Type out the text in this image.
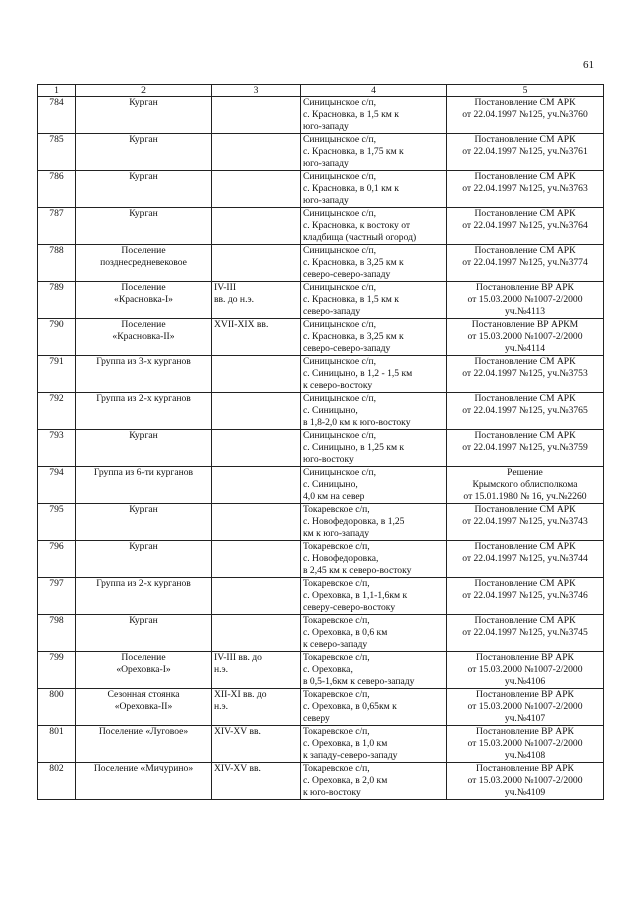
61
1	2	3	4	5
784	Курган		Синицынское с/п,
с. Красновка, в 1,5 км к
юго-западу	Постановление СМ АРК
от 22.04.1997 №125, уч.№3760
785	Курган		Синицынское с/п,
с. Красновка, в 1,75 км к
юго-западу	Постановление СМ АРК
от 22.04.1997 №125, уч.№3761
786	Курган		Синицынское с/п,
с. Красновка, в 0,1 км к
юго-западу	Постановление СМ АРК
от 22.04.1997 №125, уч.№3763
787	Курган		Синицынское с/п,
с. Красновка, к востоку от
кладбища (частный огород)	Постановление СМ АРК
от 22.04.1997 №125, уч.№3764
788	Поселение
позднесредневековое		Синицынское с/п,
с. Красновка, в 3,25 км к
северо-северо-западу	Постановление СМ АРК
от 22.04.1997 №125, уч.№3774
789	Поселение
«Красновка-I»	IV-III
вв. до н.э.	Синицынское с/п,
с. Красновка, в 1,5 км к
северо-западу	Постановление ВР АРК
от 15.03.2000 №1007-2/2000
уч.№4113
790	Поселение
«Красновка-II»	XVII-XIX вв.	Синицынское с/п,
с. Красновка, в 3,25 км к
северо-северо-западу	Постановление ВР АРКМ
от 15.03.2000 №1007-2/2000
уч.№4114
791	Группа из 3-х курганов		Синицынское с/п,
с. Синицыно, в 1,2 - 1,5 км
к северо-востоку	Постановление СМ АРК
от 22.04.1997 №125, уч.№3753
792	Группа из 2-х курганов		Синицынское с/п,
с. Синицыно,
в 1,8-2,0 км к юго-востоку	Постановление СМ АРК
от 22.04.1997 №125, уч.№3765
793	Курган		Синицынское с/п,
с. Синицыно, в 1,25 км к
юго-востоку	Постановление СМ АРК
от 22.04.1997 №125, уч.№3759
794	Группа из 6-ти курганов		Синицынское с/п,
с. Синицыно,
4,0 км на север	Решение
Крымского облисполкома
от 15.01.1980 № 16, уч.№2260
795	Курган		Токаревское с/п,
с. Новофедоровка, в 1,25
км к юго-западу	Постановление СМ АРК
от 22.04.1997 №125, уч.№3743
796	Курган		Токаревское с/п,
с. Новофедоровка,
в 2,45 км к северо-востоку	Постановление СМ АРК
от 22.04.1997 №125, уч.№3744
797	Группа из 2-х курганов		Токаревское с/п,
с. Ореховка, в 1,1-1,6км к
северу-северо-востоку	Постановление СМ АРК
от 22.04.1997 №125, уч.№3746
798	Курган		Токаревское с/п,
с. Ореховка, в 0,6 км
к северо-западу	Постановление СМ АРК
от 22.04.1997 №125, уч.№3745
799	Поселение
«Ореховка-I»	IV-III вв. до
н.э.	Токаревское с/п,
с. Ореховка,
в 0,5-1,6км к северо-западу	Постановление ВР АРК
от 15.03.2000 №1007-2/2000
уч.№4106
800	Сезонная стоянка
«Ореховка-II»	XII-XI вв. до
н.э.	Токаревское с/п,
с. Ореховка, в 0,65км к
северу	Постановление ВР АРК
от 15.03.2000 №1007-2/2000
уч.№4107
801	Поселение «Луговое»	XIV-XV вв.	Токаревское с/п,
с. Ореховка, в 1,0 км
к западу-северо-западу	Постановление ВР АРК
от 15.03.2000 №1007-2/2000
уч.№4108
802	Поселение «Мичурино»	XIV-XV вв.	Токаревское с/п,
с. Ореховка, в 2,0 км
к юго-востоку	Постановление ВР АРК
от 15.03.2000 №1007-2/2000
уч.№4109
